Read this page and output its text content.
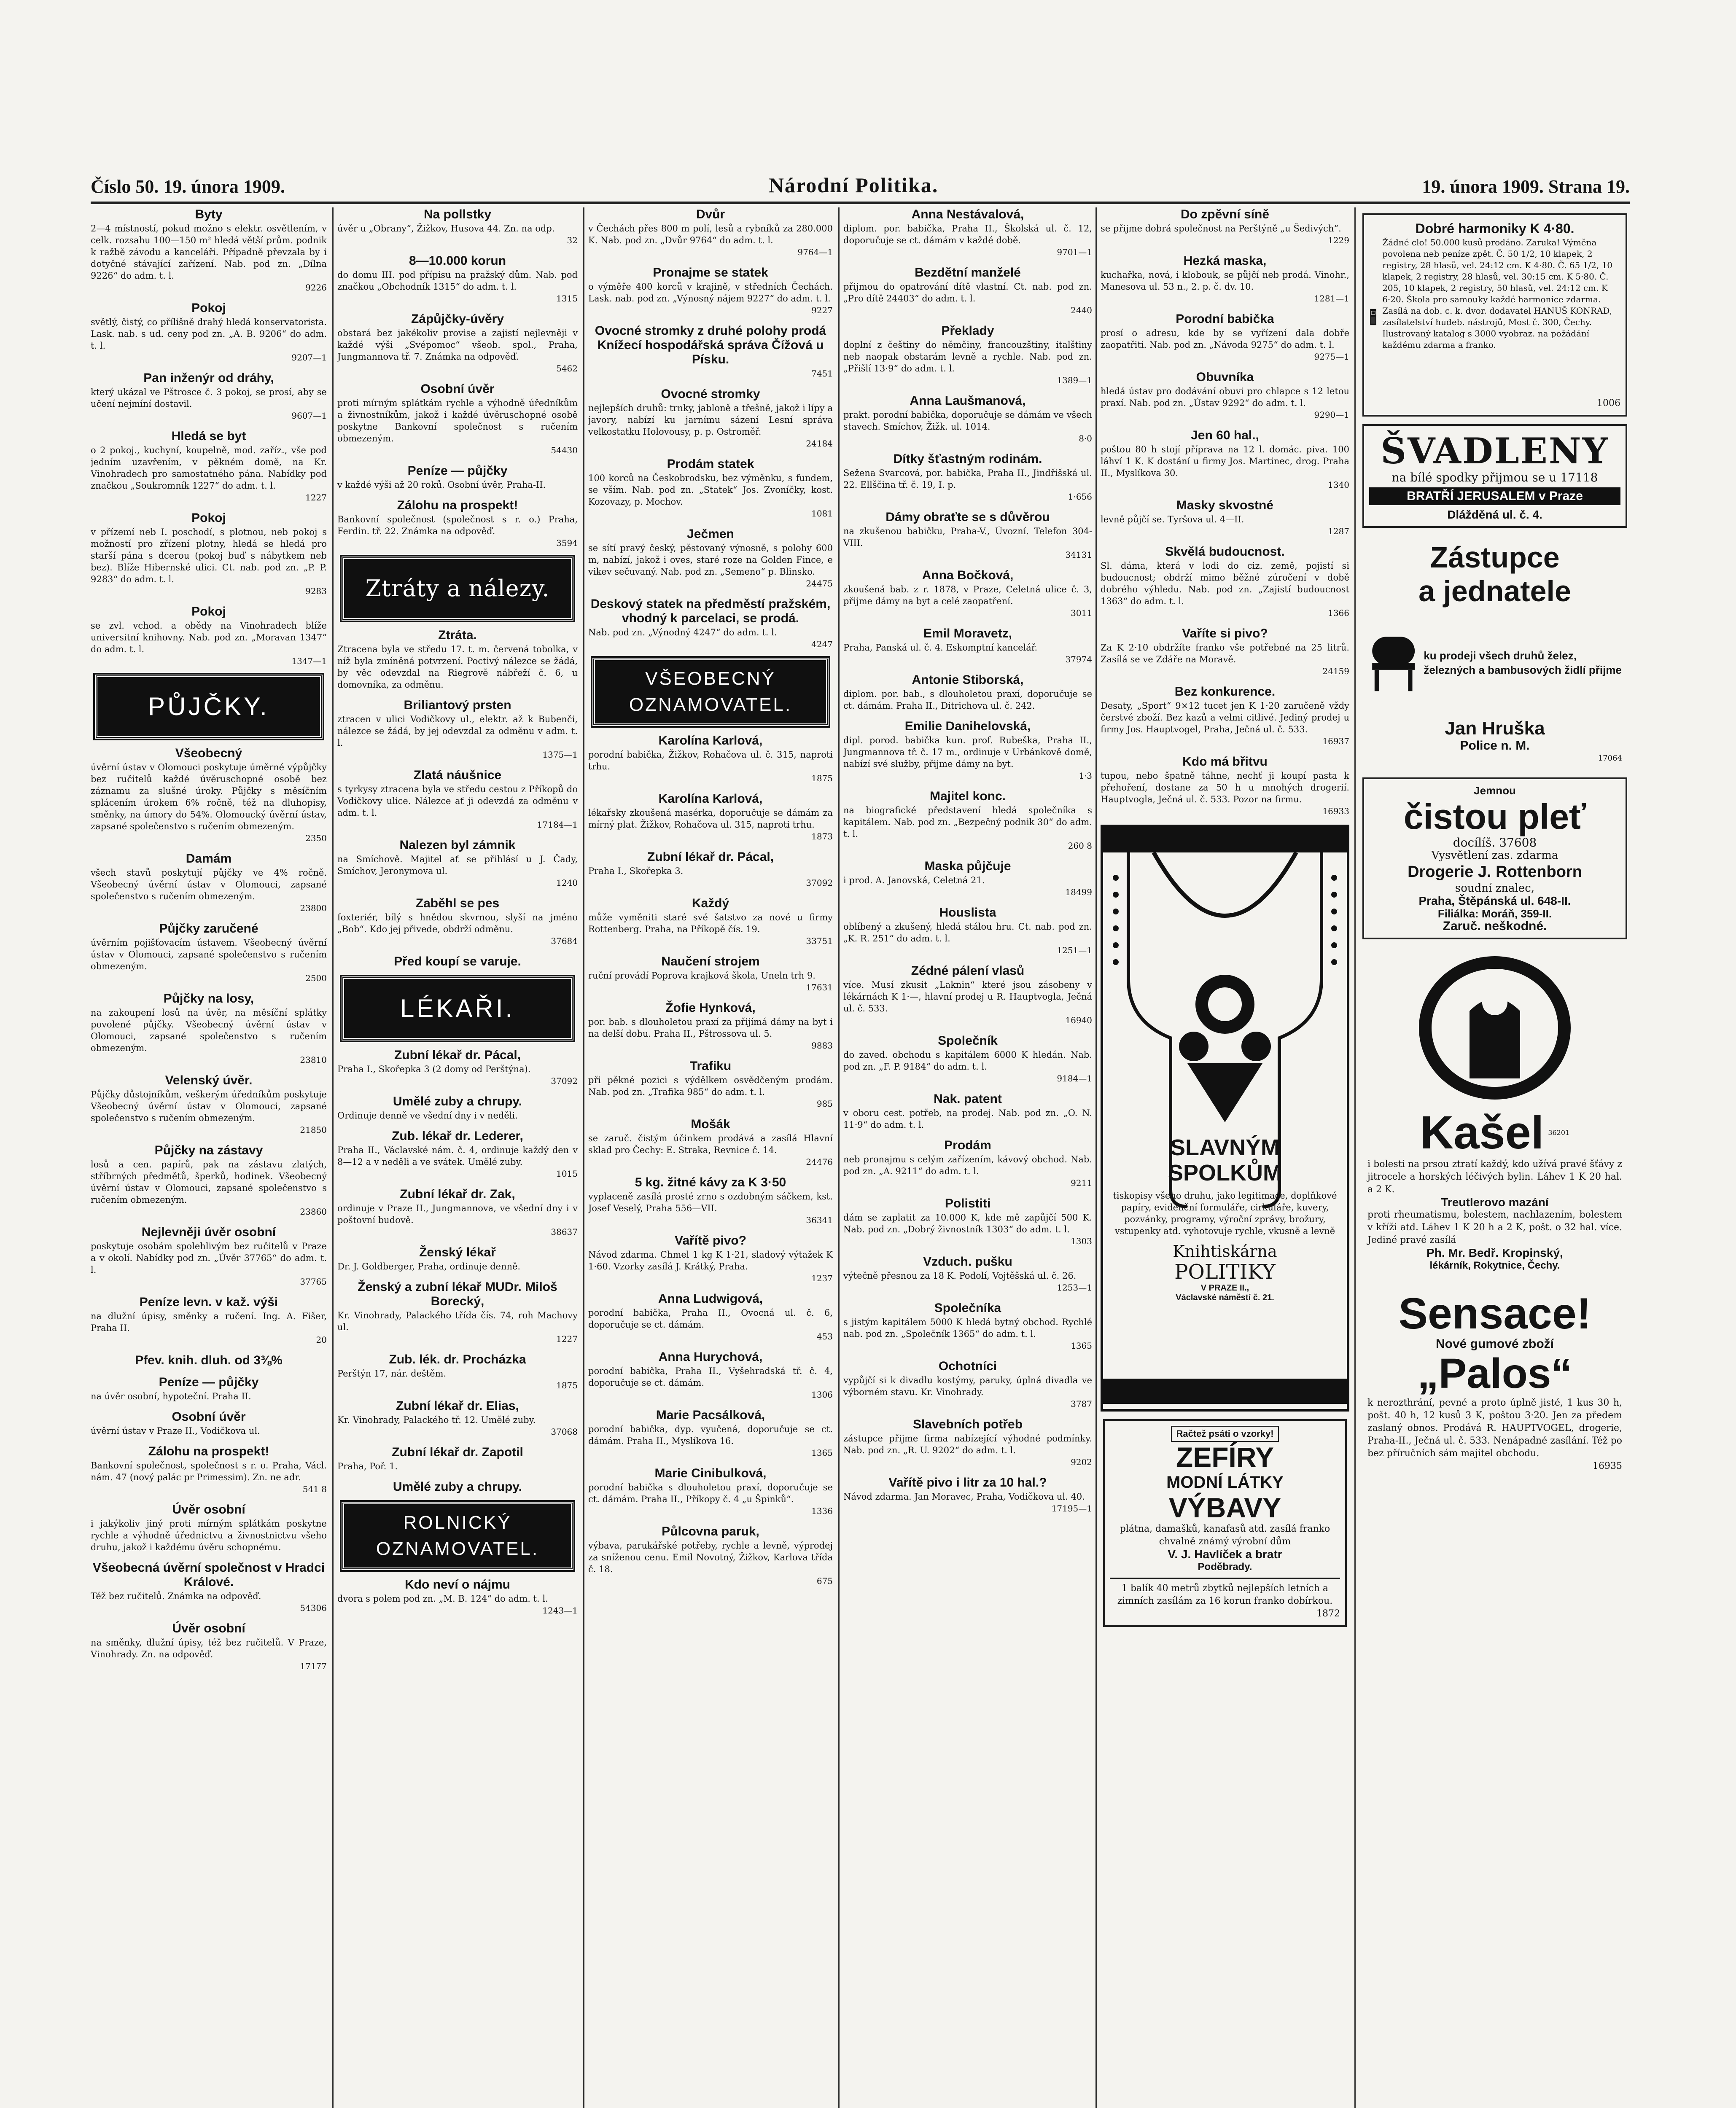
Číslo 50. 19. února 1909.	Národní Politika.	19. února 1909. Strana 19.
Byty
2—4 místností, pokud možno s elektr. osvětlením, v celk. rozsahu 100—150 m² hledá větší prům. podnik k ražbě závodu a kanceláři. Případně převzala by i dotyčné stávající zařízení. Nab. pod zn. „Dílna 9226“ do adm. t. l.
9226
Pokoj
světlý, čistý, co přílišně drahý hledá konservatorista. Lask. nab. s ud. ceny pod zn. „A. B. 9206“ do adm. t. l.
9207—1
Pan inženýr od dráhy,
který ukázal ve Pštrosce č. 3 pokoj, se prosí, aby se učení nejmíní dostavil.
9607—1
Hledá se byt
o 2 pokoj., kuchyní, koupelně, mod. zaříz., vše pod jedním uzavřením, v pěkném domě, na Kr. Vinohradech pro samostatného pána. Nabídky pod značkou „Soukromník 1227“ do adm. t. l.
1227
Pokoj
v přízemí neb I. poschodí, s plotnou, neb pokoj s možností pro zřízení plotny, hledá se hledá pro starší pána s dcerou (pokoj buď s nábytkem neb bez). Blíže Hibernské ulici. Ct. nab. pod zn. „P. P. 9283“ do adm. t. l.
9283
Pokoj
se zvl. vchod. a obědy na Vinohradech blíže universitní knihovny. Nab. pod zn. „Moravan 1347“ do adm. t. l.
1347—1
PŮJČKY.
Všeobecný
úvěrní ústav v Olomouci poskytuje úměrné výpůjčky bez ručitelů každé úvěruschopné osobě bez záznamu za slušné úroky. Půjčky s měsíčním splácením úrokem 6% ročně, též na dluhopisy, směnky, na úmory do 54%. Olomoucký úvěrní ústav, zapsané společenstvo s ručením obmezeným.
2350
Damám
všech stavů poskytují půjčky ve 4% ročně. Všeobecný úvěrní ústav v Olomouci, zapsané společenstvo s ručením obmezeným.
23800
Půjčky zaručené
úvěrním pojišťovacím ústavem. Všeobecný úvěrní ústav v Olomouci, zapsané společenstvo s ručením obmezeným.
2500
Půjčky na losy,
na zakoupení losů na úvěr, na měsíční splátky povolené půjčky. Všeobecný úvěrní ústav v Olomouci, zapsané společenstvo s ručením obmezeným.
23810
Velenský úvěr.
Půjčky důstojníkům, veškerým úředníkům poskytuje Všeobecný úvěrní ústav v Olomouci, zapsané společenstvo s ručením obmezeným.
21850
Půjčky na zástavy
losů a cen. papírů, pak na zástavu zlatých, stříbrných předmětů, šperků, hodinek. Všeobecný úvěrní ústav v Olomouci, zapsané společenstvo s ručením obmezeným.
23860
Nejlevněji úvěr osobní
poskytuje osobám spolehlivým bez ručitelů v Praze a v okolí. Nabídky pod zn. „Úvěr 37765“ do adm. t. l.
37765
Peníze levn. v kaž. výši
na dlužní úpisy, směnky a ručení. Ing. A. Fišer, Praha II.
20
Pfev. knih. dluh. od 3⅜%
Peníze — půjčky
na úvěr osobní, hypoteční. Praha II.
Osobní úvěr
úvěrní ústav v Praze II., Vodičkova ul.
Zálohu na prospekt!
Bankovní společnost, společnost s r. o. Praha, Václ. nám. 47 (nový palác pr Primessim). Zn. ne adr.
541 8
Úvěr osobní
i jakýkoliv jiný proti mírným splátkám poskytne rychle a výhodně úřednictvu a živnostnictvu všeho druhu, jakož i každému úvěru schopnému.
Všeobecná úvěrní společnost v Hradci Králové.
Též bez ručitelů. Známka na odpověď.
54306
Úvěr osobní
na směnky, dlužní úpisy, též bez ručitelů. V Praze, Vinohrady. Zn. na odpověď.
17177
Na pollstky
úvěr u „Obrany“, Žižkov, Husova 44. Zn. na odp.
32
8—10.000 korun
do domu III. pod přípisu na pražský dům. Nab. pod značkou „Obchodník 1315“ do adm. t. l.
1315
Zápůjčky-úvěry
obstará bez jakékoliv provise a zajistí nejlevněji v každé výši „Svépomoc“ všeob. spol., Praha, Jungmannova tř. 7. Známka na odpověď.
5462
Osobní úvěr
proti mírným splátkám rychle a výhodně úředníkům a živnostníkům, jakož i každé úvěruschopné osobě poskytne Bankovní společnost s ručením obmezeným.
54430
Peníze — půjčky
v každé výši až 20 roků. Osobní úvěr, Praha-II.
Zálohu na prospekt!
Bankovní společnost (společnost s r. o.) Praha, Ferdin. tř. 22. Známka na odpověď.
3594
Ztráty a nálezy.
Ztráta.
Ztracena byla ve středu 17. t. m. červená tobolka, v níž byla zmíněná potvrzení. Poctivý nálezce se žádá, by věc odevzdal na Riegrově nábřeží č. 6, u domovníka, za odměnu.
Briliantový prsten
ztracen v ulici Vodičkovy ul., elektr. až k Bubenči, nálezce se žádá, by jej odevzdal za odměnu v adm. t. l.
1375—1
Zlatá náušnice
s tyrkysy ztracena byla ve středu cestou z Příkopů do Vodičkovy ulice. Nálezce ať ji odevzdá za odměnu v adm. t. l.
17184—1
Nalezen byl zámnik
na Smíchově. Majitel ať se přihlásí u J. Čady, Smíchov, Jeronymova ul.
1240
Zaběhl se pes
foxteriér, bílý s hnědou skvrnou, slyší na jméno „Bob“. Kdo jej přivede, obdrží odměnu.
37684
Před koupí se varuje.
LÉKAŘI.
Zubní lékař dr. Pácal,
Praha I., Skořepka 3 (2 domy od Perštýna).
37092
Umělé zuby a chrupy.
Ordinuje denně ve všední dny i v neděli.
Zub. lékař dr. Lederer,
Praha II., Václavské nám. č. 4, ordinuje každý den v 8—12 a v neděli a ve svátek. Umělé zuby.
1015
Zubní lékař dr. Zak,
ordinuje v Praze II., Jungmannova, ve všední dny i v poštovní budově.
38637
Ženský lékař
Dr. J. Goldberger, Praha, ordinuje denně.
Ženský a zubní lékař MUDr. Miloš Borecký,
Kr. Vinohrady, Palackého třída čís. 74, roh Machovy ul.
1227
Zub. lék. dr. Procházka
Perštýn 17, nár. deštěm.
1875
Zubní lékař dr. Elias,
Kr. Vinohrady, Palackého tř. 12. Umělé zuby.
37068
Zubní lékař dr. Zapotil
Praha, Poř. 1.
Umělé zuby a chrupy.
ROLNICKÝ OZNAMOVATEL.
Kdo neví o nájmu
dvora s polem pod zn. „M. B. 124“ do adm. t. l.
1243—1
Dvůr
v Čechách přes 800 m polí, lesů a rybníků za 280.000 K. Nab. pod zn. „Dvůr 9764“ do adm. t. l.
9764—1
Pronajme se statek
o výměře 400 korců v krajině, v středních Čechách. Lask. nab. pod zn. „Výnosný nájem 9227“ do adm. t. l.
9227
Ovocné stromky z druhé polohy prodá Knížecí hospodářská správa Čížová u Písku.
7451
Ovocné stromky
nejlepších druhů: trnky, jabloně a třešně, jakož i lípy a javory, nabízí ku jarnímu sázení Lesní správa velkostatku Holovousy, p. p. Ostroměř.
24184
Prodám statek
100 korců na Českobrodsku, bez výměnku, s fundem, se vším. Nab. pod zn. „Statek“ Jos. Zvoníčky, kost. Kozovazy, p. Mochov.
1081
Ječmen
se sítí pravý český, pěstovaný výnosně, s polohy 600 m, nabízí, jakož i oves, staré roze na Golden Fince, e vikev sečuvaný. Nab. pod zn. „Semeno“ p. Blinsko.
24475
Deskový statek na předměstí pražském, vhodný k parcelaci, se prodá.
Nab. pod zn. „Výnodný 4247“ do adm. t. l.
4247
VŠEOBECNÝ OZNAMOVATEL.
Karolína Karlová,
porodní babička, Žižkov, Rohačova ul. č. 315, naproti trhu.
1875
Karolína Karlová,
lékařsky zkoušená masérka, doporučuje se dámám za mírný plat. Žižkov, Rohačova ul. 315, naproti trhu.
1873
Zubní lékař dr. Pácal,
Praha I., Skořepka 3.
37092
Každý
může vyměniti staré své šatstvo za nové u firmy Rottenberg. Praha, na Příkopě čís. 19.
33751
Naučení strojem
ruční provádí Poprova krajková škola, Uneln trh 9.
17631
Žofie Hynková,
por. bab. s dlouholetou praxí za přijímá dámy na byt i na delší dobu. Praha II., Pštrossova ul. 5.
9883
Trafiku
při pěkné pozici s výdělkem osvědčeným prodám. Nab. pod zn. „Trafika 985“ do adm. t. l.
985
Mošák
se zaruč. čistým účinkem prodává a zasílá Hlavní sklad pro Čechy: E. Straka, Revnice č. 14.
24476
5 kg. žitné kávy za K 3·50
vyplaceně zasílá prosté zrno s ozdobným sáčkem, kst. Josef Veselý, Praha 556—VII.
36341
Vařítě pivo?
Návod zdarma. Chmel 1 kg K 1·21, sladový výtažek K 1·60. Vzorky zasílá J. Krátký, Praha.
1237
Anna Ludwigová,
porodní babička, Praha II., Ovocná ul. č. 6, doporučuje se ct. dámám.
453
Anna Hurychová,
porodní babička, Praha II., Vyšehradská tř. č. 4, doporučuje se ct. dámám.
1306
Marie Pacsálková,
porodní babička, dyp. vyučená, doporučuje se ct. dámám. Praha II., Myslíkova 16.
1365
Marie Cinibulková,
porodní babička s dlouholetou praxí, doporučuje se ct. dámám. Praha II., Příkopy č. 4 „u Špinků“.
1336
Půlcovna paruk,
výbava, parukářské potřeby, rychle a levně, výprodej za sníženou cenu. Emil Novotný, Žižkov, Karlova třída č. 18.
675
Anna Nestávalová,
diplom. por. babička, Praha II., Školská ul. č. 12, doporučuje se ct. dámám v každé době.
9701—1
Bezdětní manželé
přijmou do opatrování dítě vlastní. Ct. nab. pod zn. „Pro dítě 24403“ do adm. t. l.
2440
Překlady
doplní z češtiny do němčiny, francouzštiny, italštiny neb naopak obstarám levně a rychle. Nab. pod zn. „Přišlí 13·9“ do adm. t. l.
1389—1
Anna Laušmanová,
prakt. porodní babička, doporučuje se dámám ve všech stavech. Smíchov, Žižk. ul. 1014.
8·0
Dítky šťastným rodinám.
Sežena Svarcová, por. babička, Praha II., Jindřišská ul. 22. Ellščina tř. č. 19, I. p.
1·656
Dámy obraťte se s důvěrou
na zkušenou babičku, Praha-V., Úvozní. Telefon 304-VIII.
34131
Anna Bočková,
zkoušená bab. z r. 1878, v Praze, Celetná ulice č. 3, přijme dámy na byt a celé zaopatření.
3011
Emil Moravetz,
Praha, Panská ul. č. 4. Eskomptní kancelář.
37974
Antonie Stiborská,
diplom. por. bab., s dlouholetou praxí, doporučuje se ct. dámám. Praha II., Ditrichova ul. č. 242.
Emilie Danihelovská,
dipl. porod. babička kun. prof. Rubeška, Praha II., Jungmannova tř. č. 17 m., ordinuje v Urbánkově domě, nabízí své služby, přijme dámy na byt.
1·3
Majitel konc.
na biografické představení hledá společníka s kapitálem. Nab. pod zn. „Bezpečný podnik 30“ do adm. t. l.
260 8
Maska půjčuje
i prod. A. Janovská, Celetná 21.
18499
Houslista
oblíbený a zkušený, hledá stálou hru. Ct. nab. pod zn. „K. R. 251“ do adm. t. l.
1251—1
Zédné pálení vlasů
více. Musí zkusit „Laknin“ které jsou zásobeny v lékárnách K 1·—, hlavní prodej u R. Hauptvogla, Ječná ul. č. 533.
16940
Společník
do zaved. obchodu s kapitálem 6000 K hledán. Nab. pod zn. „F. P. 9184“ do adm. t. l.
9184—1
Nak. patent
v oboru cest. potřeb, na prodej. Nab. pod zn. „O. N. 11·9“ do adm. t. l.
Prodám
neb pronajmu s celým zařízením, kávový obchod. Nab. pod zn. „A. 9211“ do adm. t. l.
9211
Polistiti
dám se zaplatit za 10.000 K, kde mě zapůjčí 500 K. Nab. pod zn. „Dobrý živnostník 1303“ do adm. t. l.
1303
Vzduch. pušku
výtečně přesnou za 18 K. Podolí, Vojtěšská ul. č. 26.
1253—1
Společníka
s jistým kapitálem 5000 K hledá bytný obchod. Rychlé nab. pod zn. „Společník 1365“ do adm. t. l.
1365
Ochotníci
vypůjčí si k divadlu kostýmy, paruky, úplná divadla ve výborném stavu. Kr. Vinohrady.
3787
Slavebních potřeb
zástupce přijme firma nabízející výhodné podmínky. Nab. pod zn. „R. U. 9202“ do adm. t. l.
9202
Vařítě pivo i litr za 10 hal.?
Návod zdarma. Jan Moravec, Praha, Vodičkova ul. 40.
17195—1
Do zpěvní síně
se přijme dobrá společnost na Perštýně „u Šedivých“.
1229
Hezká maska,
kuchařka, nová, i klobouk, se půjčí neb prodá. Vinohr., Manesova ul. 53 n., 2. p. č. dv. 10.
1281—1
Porodní babička
prosí o adresu, kde by se vyřízení dala dobře zaopatřiti. Nab. pod zn. „Návoda 9275“ do adm. t. l.
9275—1
Obuvníka
hledá ústav pro dodávání obuvi pro chlapce s 12 letou praxí. Nab. pod zn. „Ústav 9292“ do adm. t. l.
9290—1
Jen 60 hal.,
poštou 80 h stojí příprava na 12 l. domác. piva. 100 láhví 1 K. K dostání u firmy Jos. Martinec, drog. Praha II., Myslíkova 30.
1340
Masky skvostné
levně půjčí se. Tyršova ul. 4—II.
1287
Skvělá budoucnost.
Sl. dáma, která v lodi do ciz. země, pojistí si budoucnost; obdrží mimo běžné zúročení v době dobrého výhledu. Nab. pod zn. „Zajistí budoucnost 1363“ do adm. t. l.
1366
Vaříte si pivo?
Za K 2·10 obdržíte franko vše potřebné na 25 litrů. Zasílá se ve Zdáře na Moravě.
24159
Bez konkurence.
Desaty, „Sport“ 9×12 tucet jen K 1·20 zaručeně vždy čerstvé zboží. Bez kazů a velmi citlivé. Jediný prodej u firmy Jos. Hauptvogel, Praha, Ječná ul. č. 533.
16937
Kdo má břitvu
tupou, nebo špatně táhne, nechť ji koupí pasta k přehoření, dostane za 50 h u mnohých drogerií. Hauptvogla, Ječná ul. č. 533. Pozor na firmu.
16933
SLAVNÝM
SPOLKŮM
tiskopisy všeho druhu, jako legitimace, doplňkové papíry, evidenční formuláře, cirkuláře, kuvery, pozvánky, programy, výroční zprávy, brožury, vstupenky atd. vyhotovuje rychle, vkusně a levně
Knihtiskárna
POLITIKY
V PRAZE II.,
Václavské náměstí č. 21.
Račtež psáti o vzorky!
ZEFÍRY
MODNÍ LÁTKY
VÝBAVY
plátna, damašků, kanafasů atd. zasílá franko chvalně známý výrobní dům
V. J. Havlíček a bratr
Poděbrady.
1 balík 40 metrů zbytků nejlepších letních a zimních zasílám za 16 korun franko dobírkou.
1872
Dobré harmoniky K 4·80.
Žádné clo! 50.000 kusů prodáno. Zaruka! Výměna povolena neb peníze zpět. Č. 50 1/2, 10 klapek, 2 registry, 28 hlasů, vel. 24:12 cm. K 4·80. Č. 65 1/2, 10 klapek, 2 registry, 28 hlasů, vel. 30:15 cm. K 5·80. Č. 205, 10 klapek, 2 registry, 50 hlasů, vel. 24:12 cm. K 6·20. Škola pro samouky každé harmonice zdarma. Zasílá na dob. c. k. dvor. dodavatel HANUŠ KONRAD, zasílatelství hudeb. nástrojů, Most č. 300, Čechy. Ilustrovaný katalog s 3000 vyobraz. na požádání každému zdarma a franko.
1006
ŠVADLENY
na bílé spodky přijmou se u 17118
BRATŘÍ JERUSALEM v Praze
Dlážděná ul. č. 4.
Zástupce
a jednatele
ku prodeji všech druhů želez, železných a bambusových židlí přijme
Jan Hruška
Police n. M.
17064
Jemnou
čistou pleť
docílíš. 37608
Vysvětlení zas. zdarma
Drogerie J. Rottenborn
soudní znalec,
Praha, Štěpánská ul. 648-II.
Filiálka: Moráň, 359-II.
Zaruč. neškodné.
Kašel 36201
i bolesti na prsou ztratí každý, kdo užívá pravé šťávy z jitrocele a horských léčivých bylin. Láhev 1 K 20 hal. a 2 K.
Treutlerovo mazání
proti rheumatismu, bolestem, nachlazením, bolestem v kříži atd. Láhev 1 K 20 h a 2 K, pošt. o 32 hal. více. Jediné pravé zasílá
Ph. Mr. Bedř. Kropinský,
lékárník, Rokytnice, Čechy.
Sensace!
Nové gumové zboží
„Palos“
k nerozthrání, pevné a proto úplně jisté, 1 kus 30 h, pošt. 40 h, 12 kusů 3 K, poštou 3·20. Jen za předem zaslaný obnos. Prodává R. HAUPTVOGEL, drogerie, Praha-II., Ječná ul. č. 533. Nenápadné zasílání. Též po bez příručních sám majitel obchodu.
16935
